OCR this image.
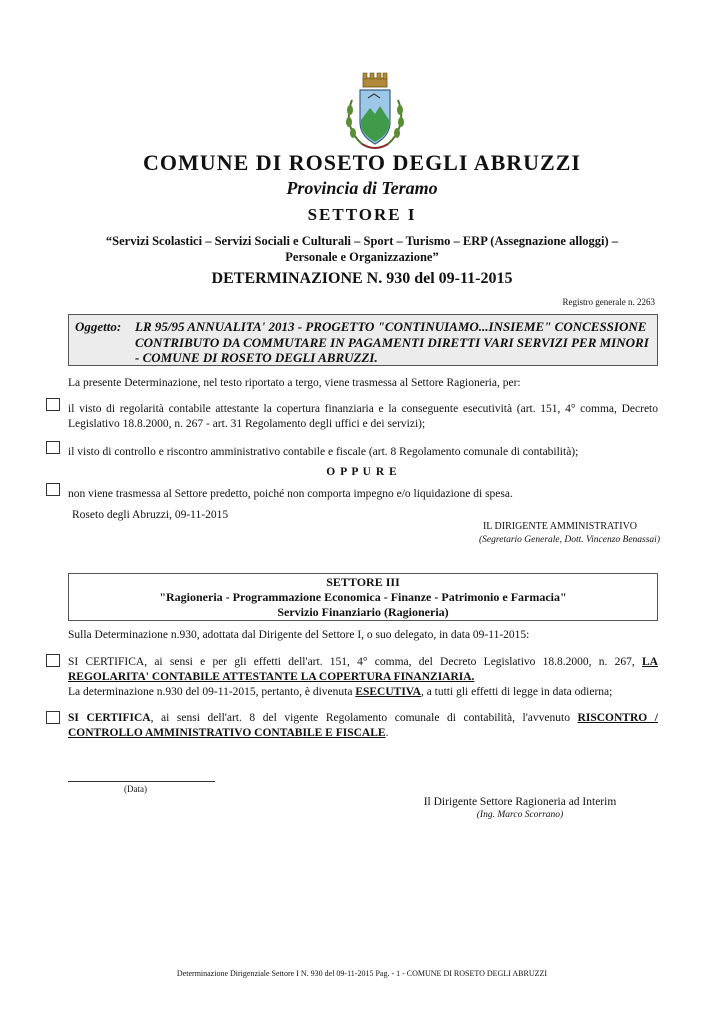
COMUNE DI ROSETO DEGLI ABRUZZI
Provincia di Teramo
SETTORE I
“Servizi Scolastici – Servizi Sociali e Culturali – Sport – Turismo – ERP (Assegnazione alloggi) –
Personale e Organizzazione”
DETERMINAZIONE N. 930 del 09-11-2015
Registro generale n. 2263
Oggetto: LR 95/95 ANNUALITA' 2013 - PROGETTO "CONTINUIAMO...INSIEME" CONCESSIONE CONTRIBUTO DA COMMUTARE IN PAGAMENTI DIRETTI VARI SERVIZI PER MINORI - COMUNE DI ROSETO DEGLI ABRUZZI.
La presente Determinazione, nel testo riportato a tergo, viene trasmessa al Settore Ragioneria, per:
il visto di regolarità contabile attestante la copertura finanziaria e la conseguente esecutività (art. 151, 4° comma, Decreto Legislativo 18.8.2000, n. 267 - art. 31 Regolamento degli uffici e dei servizi);
il visto di controllo e riscontro amministrativo contabile e fiscale (art. 8 Regolamento comunale di contabilità);
O P P U R E
non viene trasmessa al Settore predetto, poiché non comporta impegno e/o liquidazione di spesa.
Roseto degli Abruzzi, 09-11-2015
IL DIRIGENTE AMMINISTRATIVO
(Segretario Generale, Dott. Vincenzo Benassai)
SETTORE III
"Ragioneria - Programmazione Economica - Finanze - Patrimonio e Farmacia"
Servizio Finanziario (Ragioneria)
Sulla Determinazione n.930, adottata dal Dirigente del Settore I, o suo delegato, in data 09-11-2015:
SI CERTIFICA, ai sensi e per gli effetti dell'art. 151, 4° comma, del Decreto Legislativo 18.8.2000, n. 267, LA REGOLARITA' CONTABILE ATTESTANTE LA COPERTURA FINANZIARIA.
La determinazione n.930 del 09-11-2015, pertanto, è divenuta ESECUTIVA, a tutti gli effetti di legge in data odierna;
SI CERTIFICA, ai sensi dell'art. 8 del vigente Regolamento comunale di contabilità, l'avvenuto RISCONTRO / CONTROLLO AMMINISTRATIVO CONTABILE E FISCALE.
(Data)
Il Dirigente Settore Ragioneria ad Interim
(Ing. Marco Scorrano)
Determinazione Dirigenziale Settore I N. 930 del 09-11-2015 Pag. - 1 - COMUNE DI ROSETO DEGLI ABRUZZI
